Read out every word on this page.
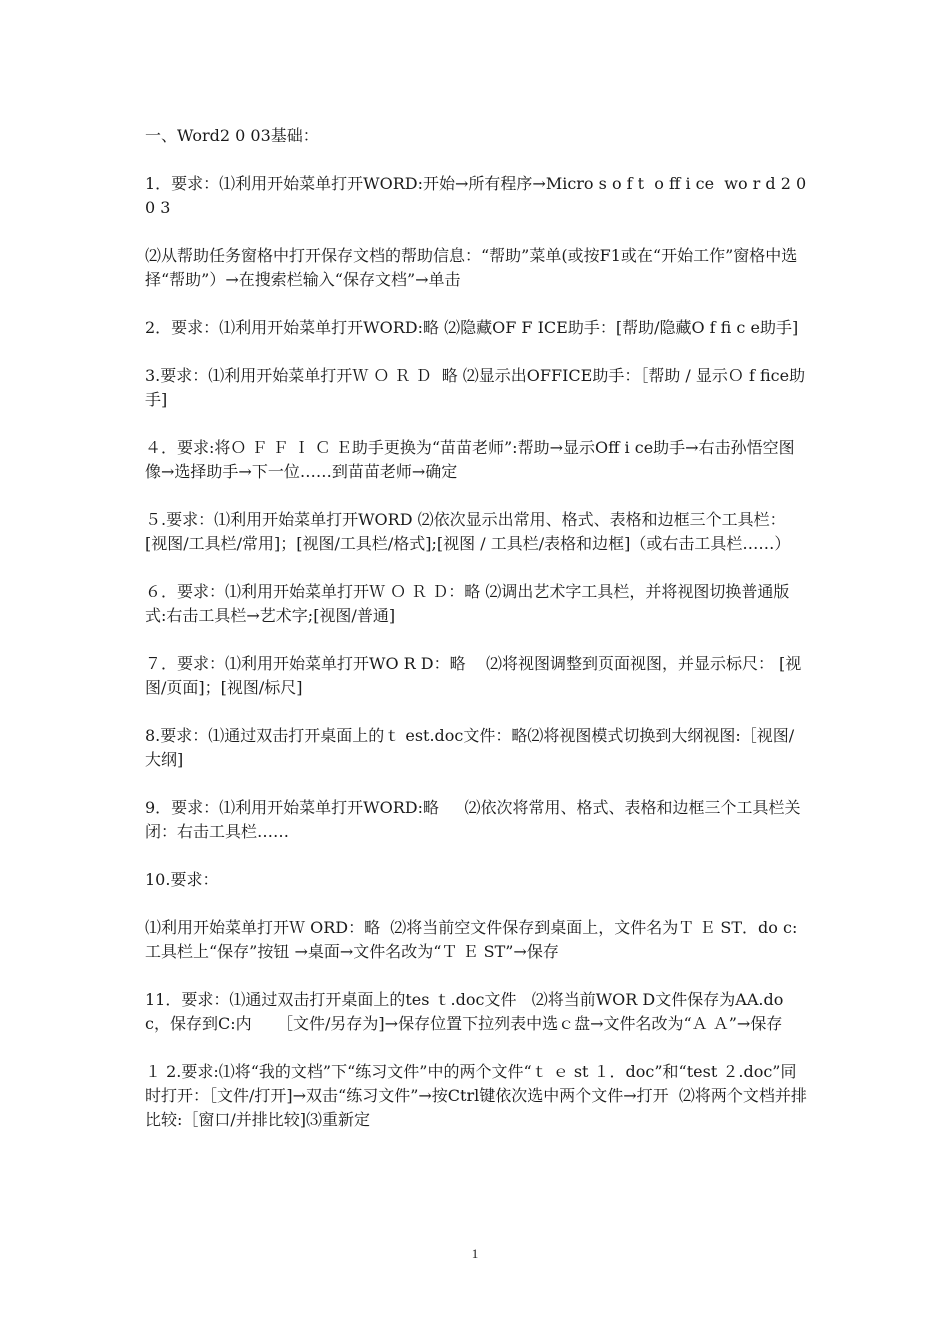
一、Word2 0 03基础：

1．要求：⑴利用开始菜单打开WORD:开始→所有程序→Micro s o f t  o ff i ce  wo r d 2 0 0 3

⑵从帮助任务窗格中打开保存文档的帮助信息：“帮助”菜单(或按F1或在“开始工作”窗格中选择“帮助”）→在搜索栏输入“保存文档”→单击

2．要求：⑴利用开始菜单打开WORD:略 ⑵隐藏OF F ICE助手：[帮助/隐藏O f fi c e助手]

3.要求：⑴利用开始菜单打开Ｗ Ｏ Ｒ Ｄ  略 ⑵显示出OFFICE助手：［帮助 / 显示Ｏ f fice助手]

４．要求:将Ｏ Ｆ Ｆ Ｉ Ｃ Ｅ助手更换为“苗苗老师”:帮助→显示Off i ce助手→右击孙悟空图像→选择助手→下一位……到苗苗老师→确定

５.要求：⑴利用开始菜单打开WORD ⑵依次显示出常用、格式、表格和边框三个工具栏： [视图/工具栏/常用]；[视图/工具栏/格式];[视图 / 工具栏/表格和边框]（或右击工具栏……）

６．要求：⑴利用开始菜单打开Ｗ Ｏ Ｒ Ｄ：略 ⑵调出艺术字工具栏，并将视图切换普通版式:右击工具栏→艺术字;[视图/普通]

７．要求：⑴利用开始菜单打开WO R D：略    ⑵将视图调整到页面视图，并显示标尺： [视图/页面]；[视图/标尺]

8.要求：⑴通过双击打开桌面上的ｔ est.doc文件：略⑵将视图模式切换到大纲视图:［视图/大纲]

9．要求：⑴利用开始菜单打开WORD:略     ⑵依次将常用、格式、表格和边框三个工具栏关闭：右击工具栏……

10.要求：

⑴利用开始菜单打开Ｗ ORD：略  ⑵将当前空文件保存到桌面上，文件名为Ｔ Ｅ ST．do c:工具栏上“保存”按钮 →桌面→文件名改为“Ｔ Ｅ ST”→保存

11．要求：⑴通过双击打开桌面上的tes ｔ.doc文件   ⑵将当前WOR D文件保存为AA.doc，保存到C:内     ［文件/另存为]→保存位置下拉列表中选ｃ盘→文件名改为“Ａ Ａ”→保存

１ 2.要求:⑴将“我的文档”下“练习文件”中的两个文件“ｔ ｅ st １．doc”和“test ２.doc”同时打开：［文件/打开]→双击“练习文件”→按Ctrl键依次选中两个文件→打开  ⑵将两个文档并排比较:［窗口/并排比较]⑶重新定

1
